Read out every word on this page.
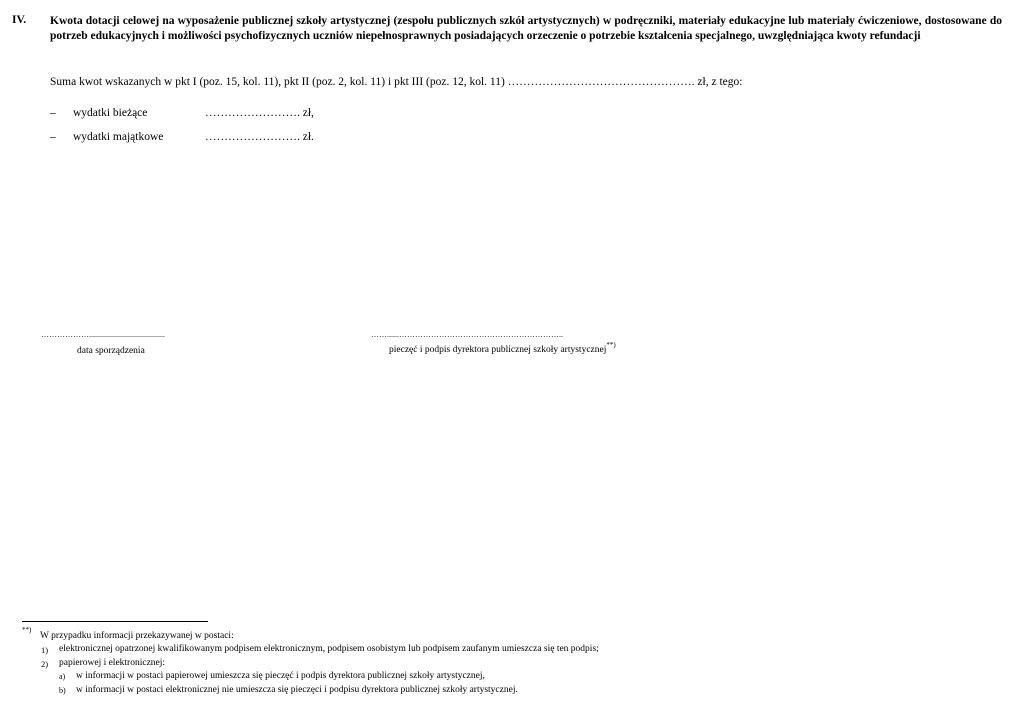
IV. Kwota dotacji celowej na wyposażenie publicznej szkoły artystycznej (zespołu publicznych szkół artystycznych) w podręczniki, materiały edukacyjne lub materiały ćwiczeniowe, dostosowane do potrzeb edukacyjnych i możliwości psychofizycznych uczniów niepełnosprawnych posiadających orzeczenie o potrzebie kształcenia specjalnego, uwzględniająca kwoty refundacji
Suma kwot wskazanych w pkt I (poz. 15, kol. 11), pkt II (poz. 2, kol. 11) i pkt III (poz. 12, kol. 11) …………………………………………. zł, z tego:
– wydatki bieżące	……………………. zł,
– wydatki majątkowe	……………………. zł.
………………......................................
data sporządzenia
……......……………………………………………………..
pieczęć i podpis dyrektora publicznej szkoły artystycznej**)
**)
W przypadku informacji przekazywanej w postaci:
1) elektronicznej opatrzonej kwalifikowanym podpisem elektronicznym, podpisem osobistym lub podpisem zaufanym umieszcza się ten podpis;
2) papierowej i elektronicznej:
a) w informacji w postaci papierowej umieszcza się pieczęć i podpis dyrektora publicznej szkoły artystycznej,
b) w informacji w postaci elektronicznej nie umieszcza się pieczęci i podpisu dyrektora publicznej szkoły artystycznej.
